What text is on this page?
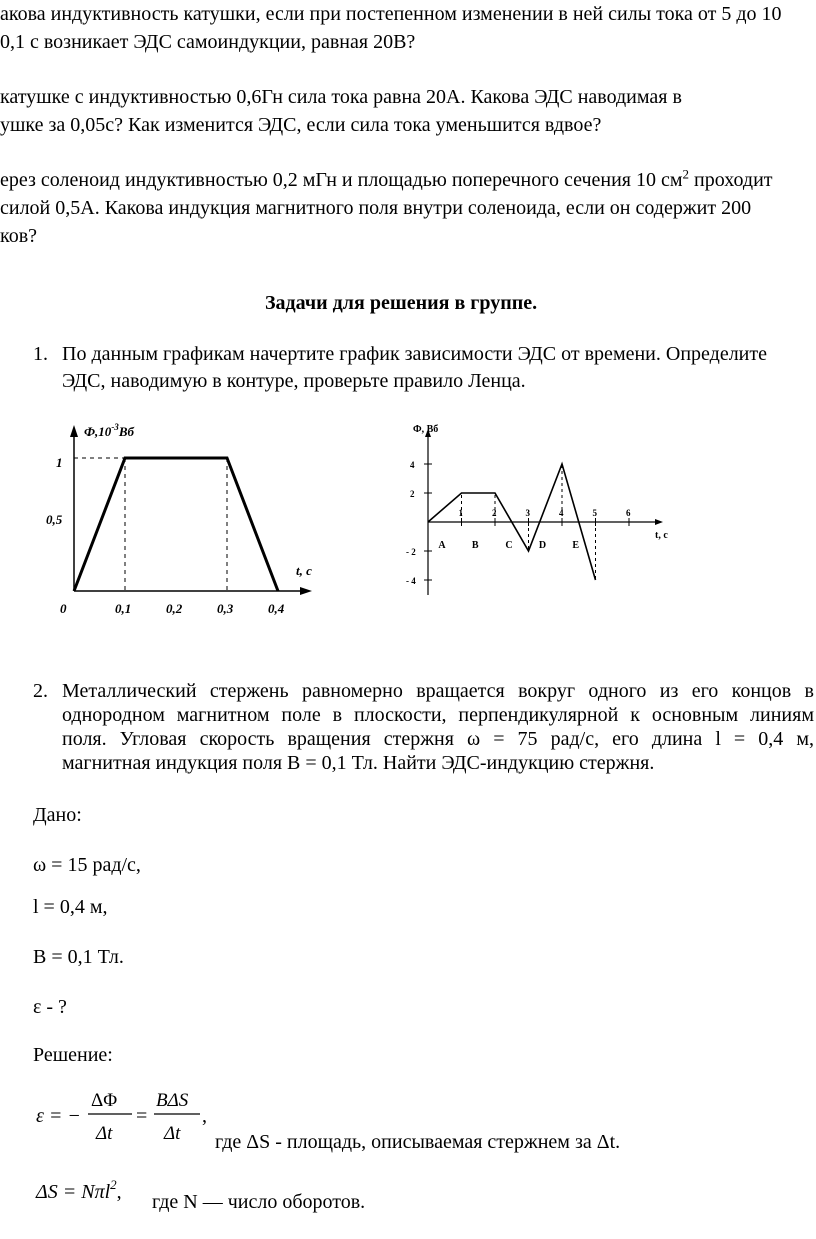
акова индуктивность катушки, если при постепенном изменении в ней силы тока от 5 до 10
0,1 с возникает ЭДС самоиндукции, равная 20В?
катушке с индуктивностью 0,6Гн сила тока равна 20А. Какова ЭДС наводимая в
ушке за 0,05с? Как изменится ЭДС, если сила тока уменьшится вдвое?
ерез соленоид индуктивностью 0,2 мГн и площадью поперечного сечения 10 $см^2$ проходит
силой 0,5А. Какова индукция магнитного поля внутри соленоида, если он содержит 200
ков?
Задачи для решения в группе.
1. По данным графикам начертите график зависимости ЭДС от времени. Определите
ЭДС, наводимую в контуре, проверьте правило Ленца.
$Ф,10^{-3}Вб$
t, с
1
0,5
0	0,1	0,2	0,3	0,4
Ф, Вб
t, с
4
2
- 2
- 4
1	2	3	4	5	6
A	B	C	D	E
2. Металлический стержень равномерно вращается вокруг одного из его концов в
однородном магнитном поле в плоскости, перпендикулярной к основным линиям
поля. Угловая скорость вращения стержня ω = 75 рад/с, его длина l = 0,4 м,
магнитная индукция поля В = 0,1 Тл. Найти ЭДС-индукцию стержня.
Дано:
ω = 15 рад/с,
l = 0,4 м,
В = 0,1 Тл.
ε - ?
Решение:
ε = −
ΔΦ
Δt
=
BΔS
Δt
,
где ΔS - площадь, описываемая стержнем за Δt.
ΔS = Nπl$^2$, где N — число оборотов.
